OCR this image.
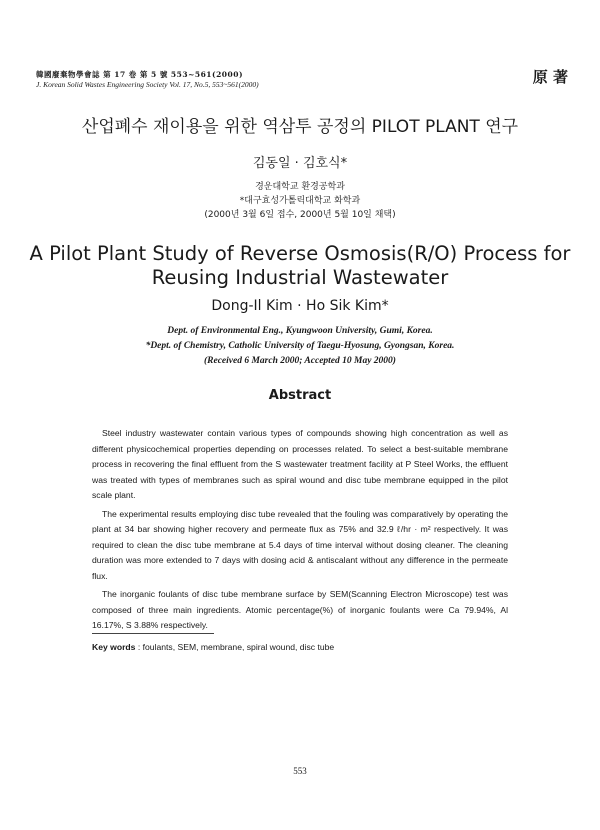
韓國廢棄物學會誌 第 17 卷 第 5 號 553~561(2000)
J. Korean Solid Wastes Engineering Society Vol. 17, No.5, 553~561(2000)	原 著
산업폐수 재이용을 위한 역삼투 공정의 PILOT PLANT 연구
김동일 · 김호식*
경운대학교 환경공학과
*대구효성가톨릭대학교 화학과
(2000년 3월 6일 접수, 2000년 5월 10일 채택)
A Pilot Plant Study of Reverse Osmosis(R/O) Process for
Reusing Industrial Wastewater
Dong-Il Kim · Ho Sik Kim*
Dept. of Environmental Eng., Kyungwoon University, Gumi, Korea.
*Dept. of Chemistry, Catholic University of Taegu-Hyosung, Gyongsan, Korea.
(Received 6 March 2000; Accepted 10 May 2000)
Abstract

Steel industry wastewater contain various types of compounds showing high concentration as well as different physicochemical properties depending on processes related. To select a best-suitable membrane process in recovering the final effluent from the S wastewater treatment facility at P Steel Works, the effluent was treated with types of membranes such as spiral wound and disc tube membrane equipped in the pilot scale plant.

The experimental results employing disc tube revealed that the fouling was comparatively by operating the plant at 34 bar showing higher recovery and permeate flux as 75% and 32.9 ℓ/hr · m² respectively. It was required to clean the disc tube membrane at 5.4 days of time interval without dosing cleaner. The cleaning duration was more extended to 7 days with dosing acid & antiscalant without any difference in the permeate flux.

The inorganic foulants of disc tube membrane surface by SEM(Scanning Electron Microscope) test was composed of three main ingredients. Atomic percentage(%) of inorganic foulants were Ca 79.94%, Al 16.17%, S 3.88% respectively.

Key words : foulants, SEM, membrane, spiral wound, disc tube
553
